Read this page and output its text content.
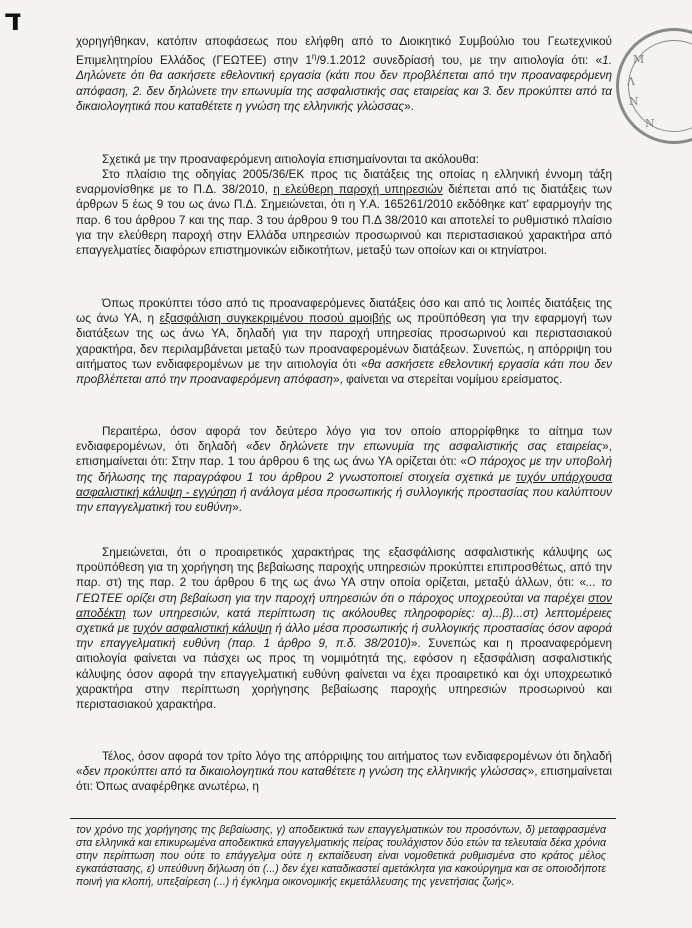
ד
Μ
Λ
Ν
Ν

χορηγήθηκαν, κατόπιν αποφάσεως που ελήφθη από το Διοικητικό Συμβούλιο του Γεωτεχνικού Επιμελητηρίου Ελλάδος (ΓΕΩΤΕΕ) στην $1^\eta/9.1.2012$ συνεδρίασή του, με την αιτιολογία ότι: «1. Δηλώνετε ότι θα ασκήσετε εθελοντική εργασία (κάτι που δεν προβλέπεται από την προαναφερόμενη απόφαση, 2. δεν δηλώνετε την επωνυμία της ασφαλιστικής σας εταιρείας και 3. δεν προκύπτει από τα δικαιολογητικά που καταθέτετε η γνώση της ελληνικής γλώσσας».

Σχετικά με την προαναφερόμενη αιτιολογία επισημαίνονται τα ακόλουθα:

Στο πλαίσιο της οδηγίας 2005/36/ΕΚ προς τις διατάξεις της οποίας η ελληνική έννομη τάξη εναρμονίσθηκε με το Π.Δ. 38/2010, η ελεύθερη παροχή υπηρεσιών διέπεται από τις διατάξεις των άρθρων 5 έως 9 του ως άνω Π.Δ. Σημειώνεται, ότι η Υ.Α. 165261/2010 εκδόθηκε κατ' εφαρμογήν της παρ. 6 του άρθρου 7 και της παρ. 3 του άρθρου 9 του Π.Δ 38/2010 και αποτελεί το ρυθμιστικό πλαίσιο για την ελεύθερη παροχή στην Ελλάδα υπηρεσιών προσωρινού και περιστασιακού χαρακτήρα από επαγγελματίες διαφόρων επιστημονικών ειδικοτήτων, μεταξύ των οποίων και οι κτηνίατροι.

Όπως προκύπτει τόσο από τις προαναφερόμενες διατάξεις όσο και από τις λοιπές διατάξεις της ως άνω ΥΑ, η εξασφάλιση συγκεκριμένου ποσού αμοιβής ως προϋπόθεση για την εφαρμογή των διατάξεων της ως άνω ΥΑ, δηλαδή για την παροχή υπηρεσίας προσωρινού και περιστασιακού χαρακτήρα, δεν περιλαμβάνεται μεταξύ των προαναφερομένων διατάξεων. Συνεπώς, η απόρριψη του αιτήματος των ενδιαφερομένων με την αιτιολογία ότι «θα ασκήσετε εθελοντική εργασία κάτι που δεν προβλέπεται από την προαναφερόμενη απόφαση», φαίνεται να στερείται νομίμου ερείσματος.

Περαιτέρω, όσον αφορά τον δεύτερο λόγο για τον οποίο απορρίφθηκε το αίτημα των ενδιαφερομένων, ότι δηλαδή «δεν δηλώνετε την επωνυμία της ασφαλιστικής σας εταιρείας», επισημαίνεται ότι: Στην παρ. 1 του άρθρου 6 της ως άνω ΥΑ ορίζεται ότι: «Ο πάροχος με την υποβολή της δήλωσης της παραγράφου 1 του άρθρου 2 γνωστοποιεί στοιχεία σχετικά με τυχόν υπάρχουσα ασφαλιστική κάλυψη - εγγύηση ή ανάλογα μέσα προσωπικής ή συλλογικής προστασίας που καλύπτουν την επαγγελματική του ευθύνη».

Σημειώνεται, ότι ο προαιρετικός χαρακτήρας της εξασφάλισης ασφαλιστικής κάλυψης ως προϋπόθεση για τη χορήγηση της βεβαίωσης παροχής υπηρεσιών προκύπτει επιπροσθέτως, από την παρ. στ) της παρ. 2 του άρθρου 6 της ως άνω ΥΑ στην οποία ορίζεται, μεταξύ άλλων, ότι: «... το ΓΕΩΤΕΕ ορίζει στη βεβαίωση για την παροχή υπηρεσιών ότι ο πάροχος υποχρεούται να παρέχει στον αποδέκτη των υπηρεσιών, κατά περίπτωση τις ακόλουθες πληροφορίες: α)...β)...στ) λεπτομέρειες σχετικά με τυχόν ασφαλιστική κάλυψη ή άλλο μέσα προσωπικής ή συλλογικής προστασίας όσον αφορά την επαγγελματική ευθύνη (παρ. 1 άρθρο 9, π.δ. 38/2010)». Συνεπώς και η προαναφερόμενη αιτιολογία φαίνεται να πάσχει ως προς τη νομιμότητά της, εφόσον η εξασφάλιση ασφαλιστικής κάλυψης όσον αφορά την επαγγελματική ευθύνη φαίνεται να έχει προαιρετικό και όχι υποχρεωτικό χαρακτήρα στην περίπτωση χορήγησης βεβαίωσης παροχής υπηρεσιών προσωρινού και περιστασιακού χαρακτήρα.

Τέλος, όσον αφορά τον τρίτο λόγο της απόρριψης του αιτήματος των ενδιαφερομένων ότι δηλαδή «δεν προκύπτει από τα δικαιολογητικά που καταθέτετε η γνώση της ελληνικής γλώσσας», επισημαίνεται ότι: Όπως αναφέρθηκε ανωτέρω, η

τον χρόνο της χορήγησης της βεβαίωσης, γ) αποδεικτικά των επαγγελματικών του προσόντων, δ) μεταφρασμένα στα ελληνικά και επικυρωμένα αποδεικτικά επαγγελματικής πείρας τουλάχιστον δύο ετών τα τελευταία δέκα χρόνια στην περίπτωση που ούτε το επάγγελμα ούτε η εκπαίδευση είναι νομοθετικά ρυθμισμένα στο κράτος μέλος εγκατάστασης, ε) υπεύθυνη δήλωση ότι (...) δεν έχει καταδικαστεί αμετάκλητα για κακούργημα και σε οποιοδήποτε ποινή για κλοπή, υπεξαίρεση (...) ή έγκλημα οικονομικής εκμετάλλευσης της γενετήσιας ζωής».
